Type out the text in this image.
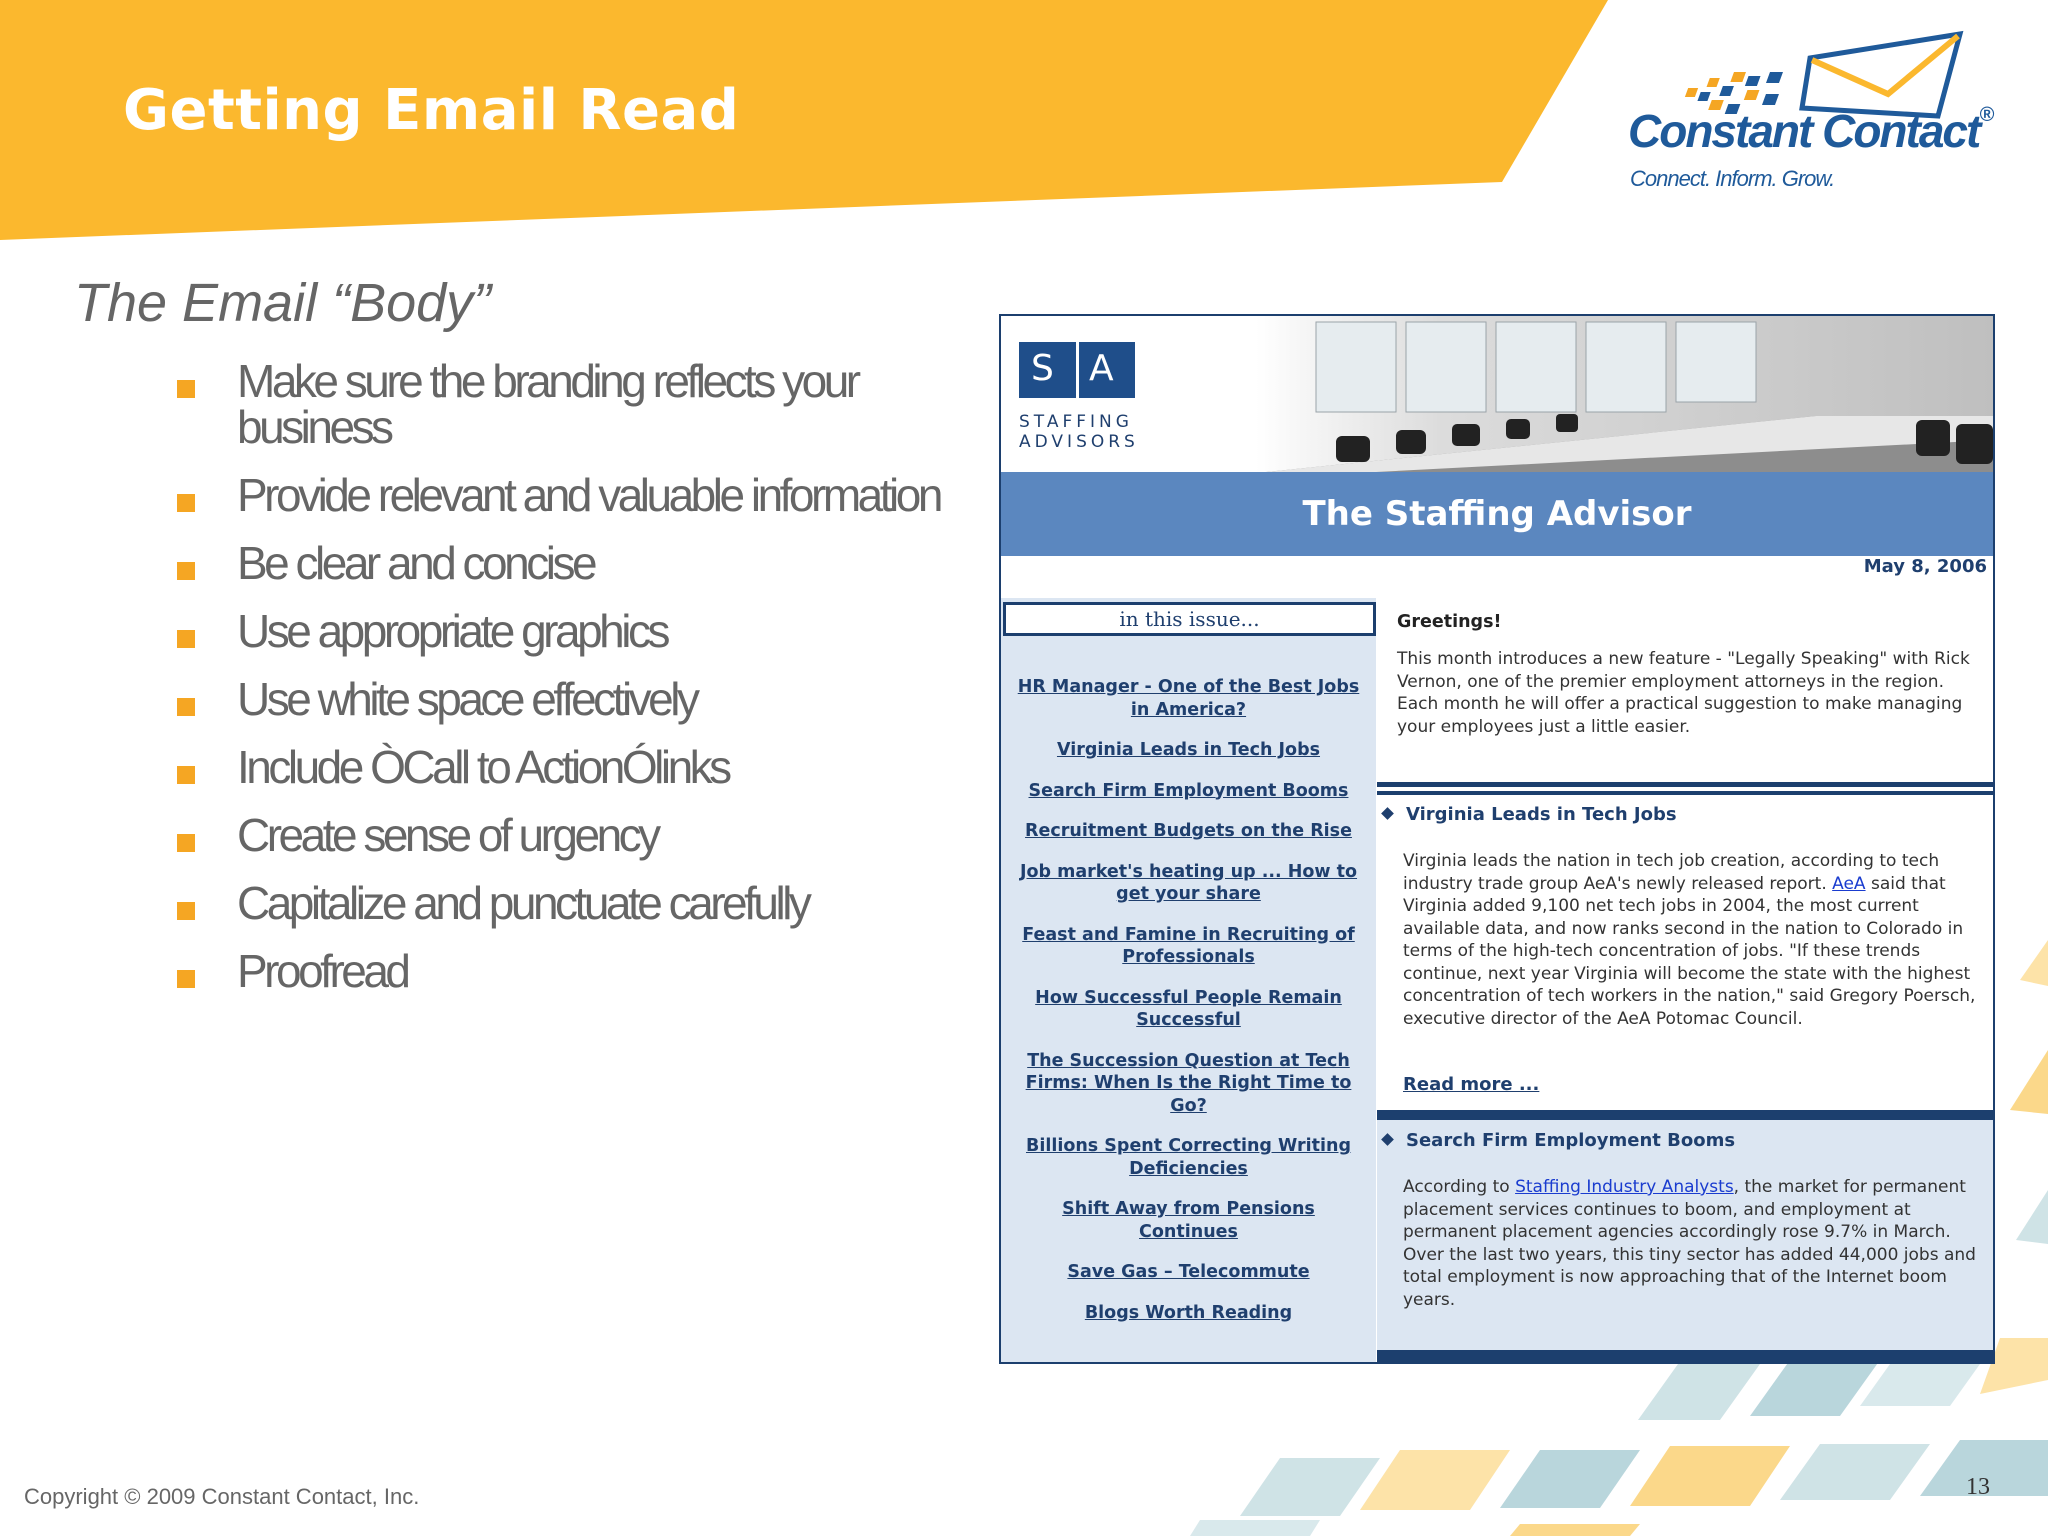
Getting Email Read	Constant Contact®
Connect. Inform. Grow.
The Email “Body”
Make sure the branding reflects your business
Provide relevant and valuable information
Be clear and concise
Use appropriate graphics
Use white space effectively
Include ÒCall to ActionÓlinks
Create sense of urgency
Capitalize and punctuate carefully
Proofread
S A
STAFFING ADVISORS
The Staffing Advisor
May 8, 2006
in this issue...
HR Manager - One of the Best Jobs in America?
Virginia Leads in Tech Jobs
Search Firm Employment Booms
Recruitment Budgets on the Rise
Job market's heating up ... How to get your share
Feast and Famine in Recruiting of Professionals
How Successful People Remain Successful
The Succession Question at Tech Firms: When Is the Right Time to Go?
Billions Spent Correcting Writing Deficiencies
Shift Away from Pensions Continues
Save Gas – Telecommute
Blogs Worth Reading
Greetings!
This month introduces a new feature - "Legally Speaking" with Rick Vernon, one of the premier employment attorneys in the region. Each month he will offer a practical suggestion to make managing your employees just a little easier.
Virginia Leads in Tech Jobs
Virginia leads the nation in tech job creation, according to tech industry trade group AeA's newly released report. AeA said that Virginia added 9,100 net tech jobs in 2004, the most current available data, and now ranks second in the nation to Colorado in terms of the high-tech concentration of jobs. "If these trends continue, next year Virginia will become the state with the highest concentration of tech workers in the nation," said Gregory Poersch, executive director of the AeA Potomac Council.
Read more ...
Search Firm Employment Booms
According to Staffing Industry Analysts, the market for permanent placement services continues to boom, and employment at permanent placement agencies accordingly rose 9.7% in March. Over the last two years, this tiny sector has added 44,000 jobs and total employment is now approaching that of the Internet boom years.
Copyright © 2009 Constant Contact, Inc.	13
